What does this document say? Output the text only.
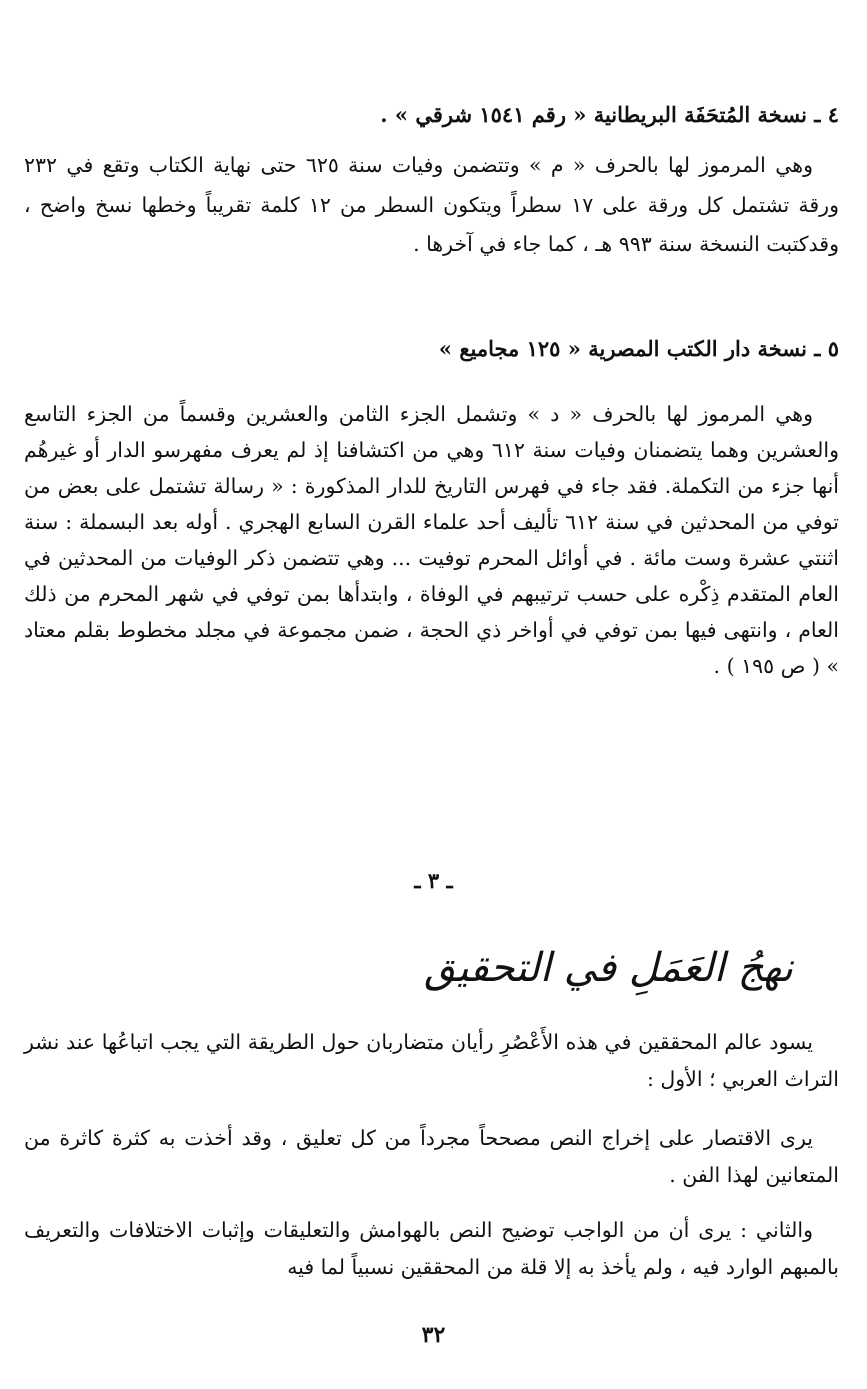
٤ ـ نسخة المُتحَفَة البريطانية « رقم ١٥٤١ شرقي » .
وهي المرموز لها بالحرف « م » وتتضمن وفيات سنة ٦٢٥ حتى نهاية الكتاب وتقع في ٢٣٢ ورقة تشتمل كل ورقة على ١٧ سطراً ويتكون السطر من ١٢ كلمة تقريباً وخطها نسخ واضح ، وقدكتبت النسخة سنة ٩٩٣ هـ ، كما جاء في آخرها .
٥ ـ نسخة دار الكتب المصرية « ١٢٥ مجاميع »
وهي المرموز لها بالحرف « د » وتشمل الجزء الثامن والعشرين وقسماً من الجزء التاسع والعشرين وهما يتضمنان وفيات سنة ٦١٢ وهي من اكتشافنا إذ لم يعرف مفهرسو الدار أو غيرهُم أنها جزء من التكملة. فقد جاء في فهرس التاريخ للدار المذكورة : « رسالة تشتمل على بعض من توفي من المحدثين في سنة ٦١٢ تأليف أحد علماء القرن السابع الهجري . أوله بعد البسملة : سنة اثنتي عشرة وست مائة . في أوائل المحرم توفيت ... وهي تتضمن ذكر الوفيات من المحدثين في العام المتقدم ذِكْره على حسب ترتيبهم في الوفاة ، وابتدأها بمن توفي في شهر المحرم من ذلك العام ، وانتهى فيها بمن توفي في أواخر ذي الحجة ، ضمن مجموعة في مجلد مخطوط بقلم معتاد » ( ص ١٩٥ ) .
ـ ٣ ـ
نهجُ العَمَلِ في التحقيق
يسود عالم المحققين في هذه الأَعْصُرِ رأيان متضاربان حول الطريقة التي يجب اتباعُها عند نشر التراث العربي ؛ الأول :
يرى الاقتصار على إخراج النص مصححاً مجرداً من كل تعليق ، وقد أخذت به كثرة كاثرة من المتعانين لهذا الفن .
والثاني : يرى أن من الواجب توضيح النص بالهوامش والتعليقات وإثبات الاختلافات والتعريف بالمبهم الوارد فيه ، ولم يأخذ به إلا قلة من المحققين نسبياً لما فيه
٣٢
